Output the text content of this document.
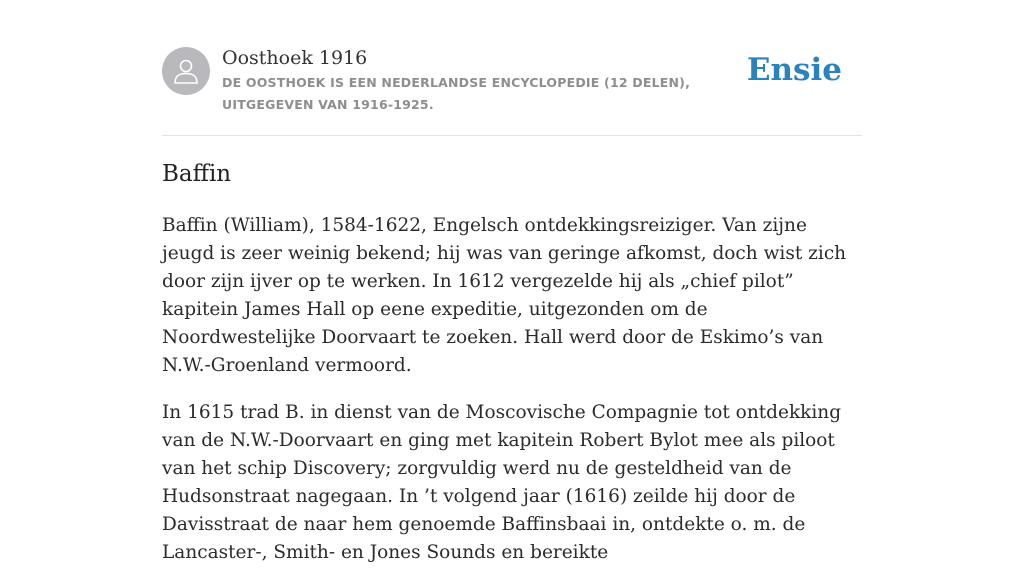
Oosthoek 1916
DE OOSTHOEK IS EEN NEDERLANDSE ENCYCLOPEDIE (12 DELEN), UITGEGEVEN VAN 1916-1925.
Ensie
Baffin

Baffin (William), 1584-1622, Engelsch ontdekkingsreiziger. Van zijne jeugd is zeer weinig bekend; hij was van geringe afkomst, doch wist zich door zijn ijver op te werken. In 1612 vergezelde hij als „chief pilot” kapitein James Hall op eene expeditie, uitgezonden om de Noordwestelijke Doorvaart te zoeken. Hall werd door de Eskimo’s van N.W.-Groenland vermoord.

In 1615 trad B. in dienst van de Moscovische Compagnie tot ontdekking van de N.W.-Doorvaart en ging met kapitein Robert Bylot mee als piloot van het schip Discovery; zorgvuldig werd nu de gesteldheid van de Hudsonstraat nagegaan. In ’t volgend jaar (1616) zeilde hij door de Davisstraat de naar hem genoemde Baffinsbaai in, ontdekte o. m. de Lancaster-, Smith- en Jones Sounds en bereikte
